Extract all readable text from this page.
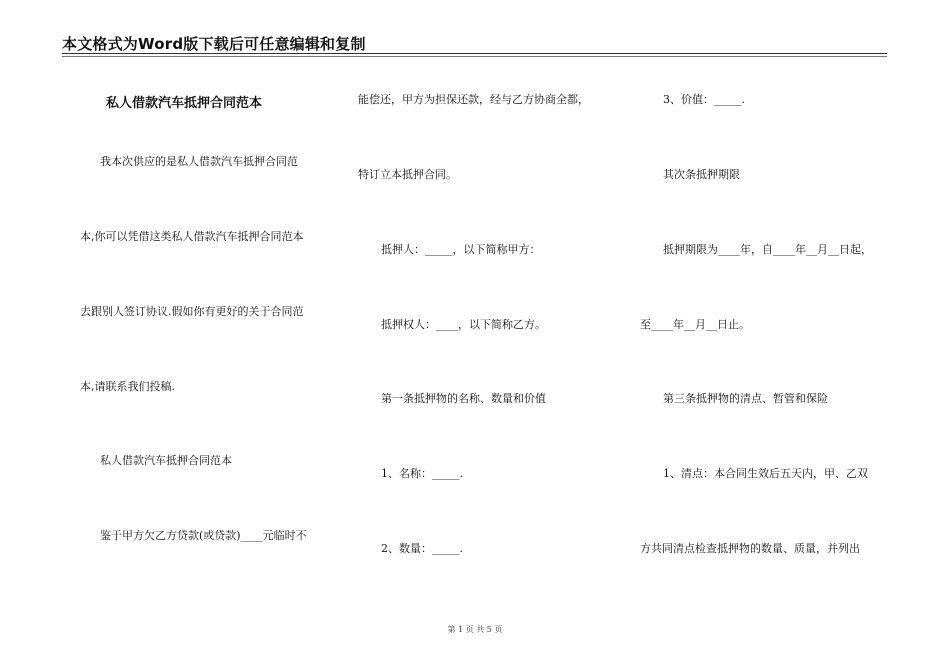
本文格式为Word版下载后可任意编辑和复制
私人借款汽车抵押合同范本
我本次供应的是私人借款汽车抵押合同范
本,你可以凭借这类私人借款汽车抵押合同范本
去跟别人签订协议.假如你有更好的关于合同范
本,请联系我们投稿.
私人借款汽车抵押合同范本
鉴于甲方欠乙方贷款(或贷款)____元临时不
能偿还，甲方为担保还款，经与乙方协商全都，
特订立本抵押合同。
抵押人：_____，以下简称甲方：
抵押权人：____，以下简称乙方。
第一条抵押物的名称、数量和价值
1、名称：_____.
2、数量：_____.
3、价值：_____.
其次条抵押期限
抵押期限为____年，自____年__月__日起，
至____年__月__日止。
第三条抵押物的清点、暂管和保险
1、清点：本合同生效后五天内，甲、乙双
方共同清点检查抵押物的数量、质量，并列出
第 1 页 共 5 页
